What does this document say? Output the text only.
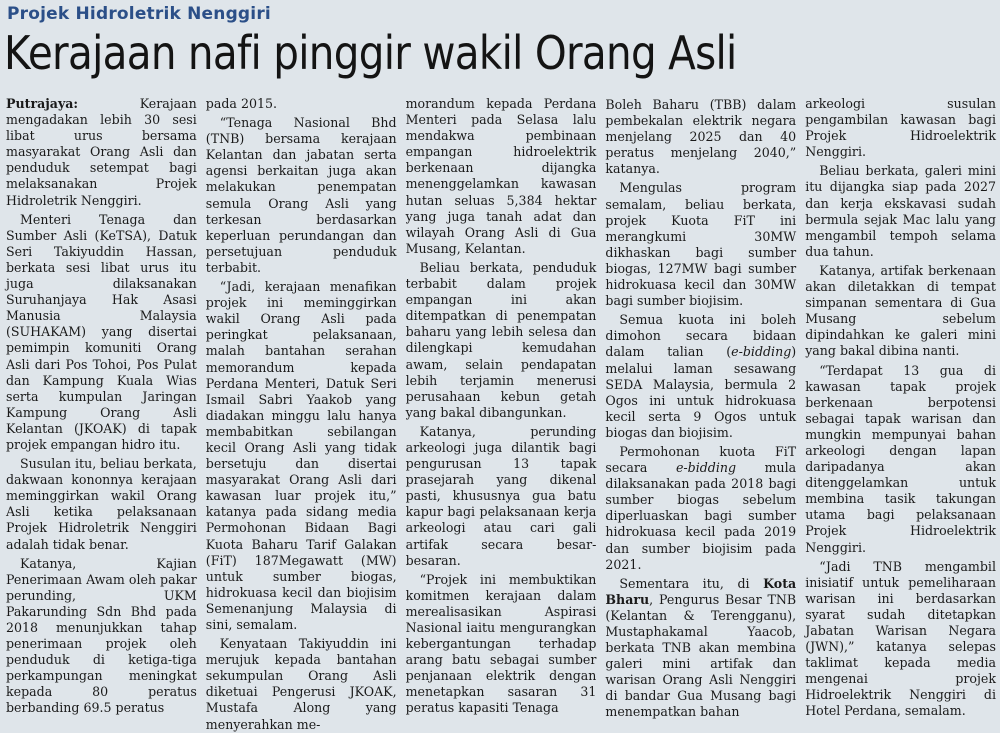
Projek Hidroletrik Nenggiri
Kerajaan nafi pinggir wakil Orang Asli

Putrajaya:	Kerajaan mengadakan lebih 30 sesi libat urus bersama masyarakat Orang Asli dan penduduk setempat bagi melaksanakan Projek Hidroletrik Nenggiri.

Menteri Tenaga dan Sumber Asli (KeTSA), Datuk Seri Takiyuddin Hassan, berkata sesi libat urus itu juga dilaksanakan Suruhanjaya Hak Asasi Manusia Malaysia (SUHAKAM) yang disertai pemimpin komuniti Orang Asli dari Pos Tohoi, Pos Pulat dan Kampung Kuala Wias serta kumpulan Jaringan Kampung Orang Asli Kelantan (JKOAK) di tapak projek empangan hidro itu.

Susulan itu, beliau berkata, dakwaan kononnya kerajaan meminggirkan wakil Orang Asli ketika pelaksanaan Projek Hidroletrik Nenggiri adalah tidak benar.

Katanya, Kajian Penerimaan Awam oleh pakar perunding, UKM Pakarunding Sdn Bhd pada 2018 menunjukkan tahap penerimaan projek oleh penduduk di ketiga-tiga perkampungan meningkat kepada 80 peratus berbanding 69.5 peratus

pada 2015.

“Tenaga Nasional Bhd (TNB) bersama kerajaan Kelantan dan jabatan serta agensi berkaitan juga akan melakukan penempatan semula Orang Asli yang terkesan berdasarkan keperluan perundangan dan persetujuan penduduk terbabit.

“Jadi, kerajaan menafikan projek ini meminggirkan wakil Orang Asli pada peringkat pelaksanaan, malah bantahan serahan memorandum kepada Perdana Menteri, Datuk Seri Ismail Sabri Yaakob yang diadakan minggu lalu hanya membabitkan sebilangan kecil Orang Asli yang tidak bersetuju dan disertai masyarakat Orang Asli dari kawasan luar projek itu,” katanya pada sidang media Permohonan Bidaan Bagi Kuota Baharu Tarif Galakan (FiT) 187Megawatt (MW) untuk sumber biogas, hidrokuasa kecil dan biojisim Semenanjung Malaysia di sini, semalam.

Kenyataan Takiyuddin ini merujuk kepada bantahan sekumpulan Orang Asli diketuai Pengerusi JKOAK, Mustafa Along yang menyerahkan me-

morandum kepada Perdana Menteri pada Selasa lalu mendakwa pembinaan empangan hidroelektrik berkenaan dijangka menenggelamkan kawasan hutan seluas 5,384 hektar yang juga tanah adat dan wilayah Orang Asli di Gua Musang, Kelantan.

Beliau berkata, penduduk terbabit dalam projek empangan ini akan ditempatkan di penempatan baharu yang lebih selesa dan dilengkapi kemudahan awam, selain pendapatan lebih terjamin menerusi perusahaan kebun getah yang bakal dibangunkan.

Katanya, perunding arkeologi juga dilantik bagi pengurusan 13 tapak prasejarah yang dikenal pasti, khususnya gua batu kapur bagi pelaksanaan kerja arkeologi atau cari gali artifak secara besar- besaran.

“Projek ini membuktikan komitmen kerajaan dalam merealisasikan Aspirasi Nasional iaitu mengurangkan kebergantungan terhadap arang batu sebagai sumber penjanaan elektrik dengan menetapkan sasaran 31 peratus kapasiti Tenaga

Boleh Baharu (TBB) dalam pembekalan elektrik negara menjelang 2025 dan 40 peratus menjelang 2040,” katanya.

Mengulas program semalam, beliau berkata, projek Kuota FiT ini merangkumi 30MW dikhaskan bagi sumber biogas, 127MW bagi sumber hidrokuasa kecil dan 30MW bagi sumber biojisim.

Semua kuota ini boleh dimohon secara bidaan dalam talian (e-bidding) melalui laman sesawang SEDA Malaysia, bermula 2 Ogos ini untuk hidrokuasa kecil serta 9 Ogos untuk biogas dan biojisim.

Permohonan kuota FiT secara e-bidding mula dilaksanakan pada 2018 bagi sumber biogas sebelum diperluaskan bagi sumber hidrokuasa kecil pada 2019 dan sumber biojisim pada 2021.

Sementara itu, di Kota Bharu, Pengurus Besar TNB (Kelantan & Terengganu), Mustaphakamal Yaacob, berkata TNB akan membina galeri mini artifak dan warisan Orang Asli Nenggiri di bandar Gua Musang bagi menempatkan bahan

arkeologi susulan pengambilan kawasan bagi Projek Hidroelektrik Nenggiri.

Beliau berkata, galeri mini itu dijangka siap pada 2027 dan kerja ekskavasi sudah bermula sejak Mac lalu yang mengambil tempoh selama dua tahun.

Katanya, artifak berkenaan akan diletakkan di tempat simpanan sementara di Gua Musang sebelum dipindahkan ke galeri mini yang bakal dibina nanti.

“Terdapat 13 gua di kawasan tapak projek berkenaan berpotensi sebagai tapak warisan dan mungkin mempunyai bahan arkeologi dengan lapan daripadanya akan ditenggelamkan untuk membina tasik takungan utama bagi pelaksanaan Projek Hidroelektrik Nenggiri.

“Jadi TNB mengambil inisiatif untuk pemeliharaan warisan ini berdasarkan syarat sudah ditetapkan Jabatan Warisan Negara (JWN),” katanya selepas taklimat kepada media mengenai projek Hidroelektrik Nenggiri di Hotel Perdana, semalam.
